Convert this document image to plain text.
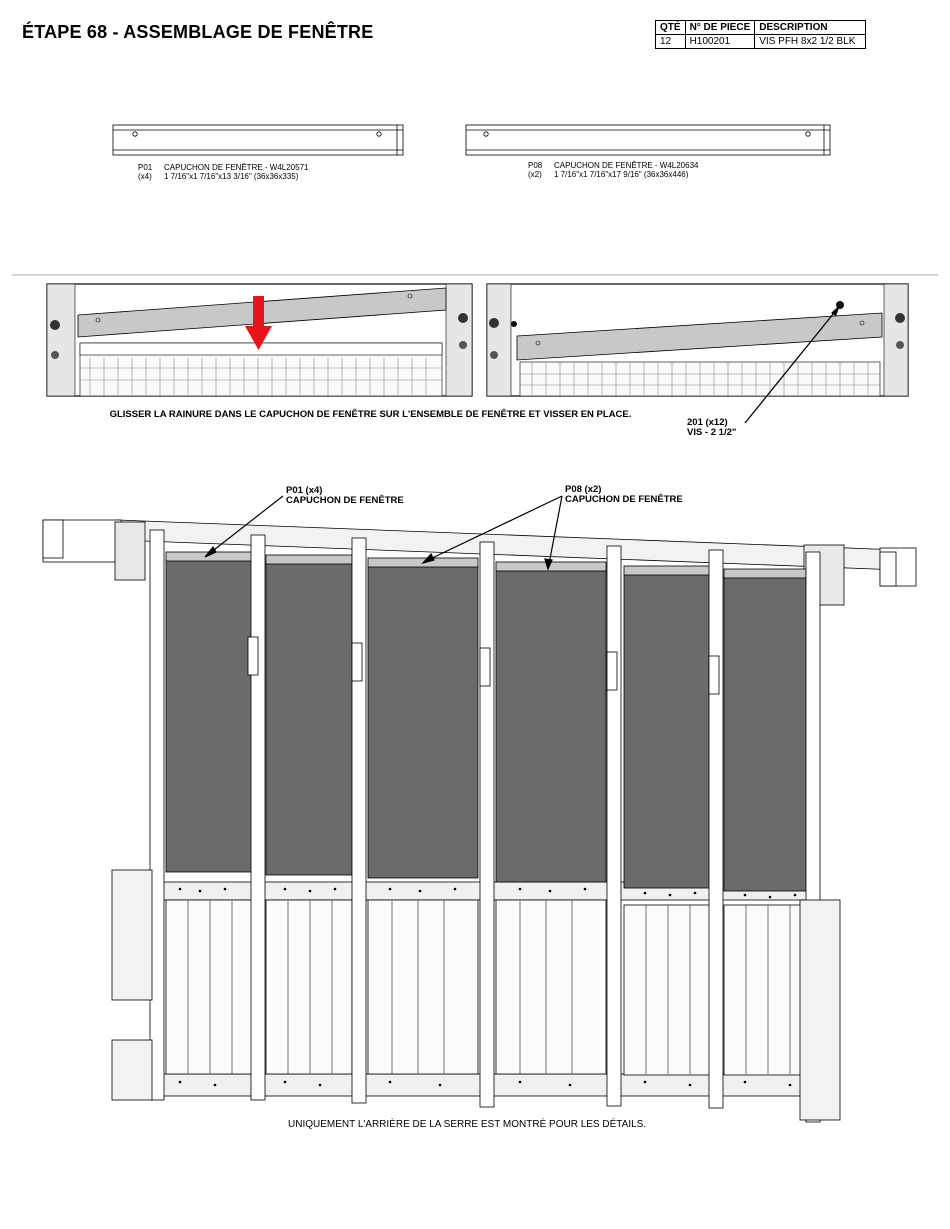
ÉTAPE 68 - ASSEMBLAGE DE FENÊTRE	QTÉ	N° DE PIECE	DESCRIPTION
12	H100201	VIS PFH 8x2 1/2 BLK
P01 CAPUCHON DE FENÊTRE - W4L20571
(x4) 1 7/16"x1 7/16"x13 3/16" (36x36x335)
P08 CAPUCHON DE FENÊTRE - W4L20634
(x2) 1 7/16"x1 7/16"x17 9/16" (36x36x446)
GLISSER LA RAINURE DANS LE CAPUCHON DE FENÊTRE SUR L'ENSEMBLE DE FENÊTRE ET VISSER EN PLACE.
201 (x12)
VIS - 2 1/2"
P01 (x4)
CAPUCHON DE FENÊTRE
P08 (x2)
CAPUCHON DE FENÊTRE
UNIQUEMENT L'ARRIÈRE DE LA SERRE EST MONTRÉ POUR LES DÉTAILS.
